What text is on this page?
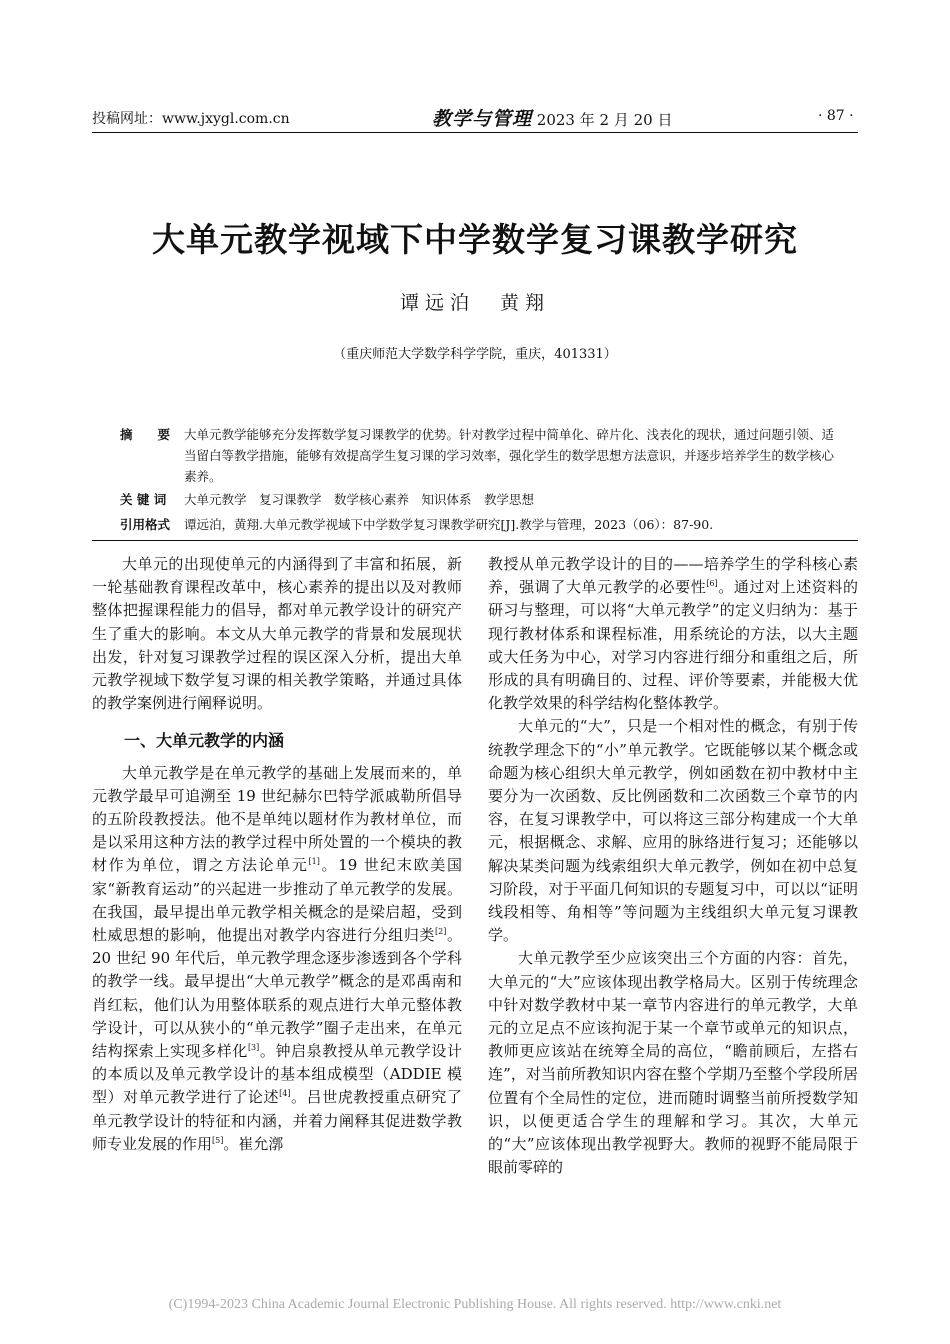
投稿网址：www.jxygl.com.cn	教学与管理 2023 年 2 月 20 日	· 87 ·
大单元教学视域下中学数学复习课教学研究
谭远泊　黄翔
（重庆师范大学数学科学学院，重庆，401331）
摘　　要	大单元教学能够充分发挥数学复习课教学的优势。针对教学过程中简单化、碎片化、浅表化的现状，通过问题引领、适当留白等教学措施，能够有效提高学生复习课的学习效率，强化学生的数学思想方法意识，并逐步培养学生的数学核心素养。
关 键 词	大单元教学　复习课教学　数学核心素养　知识体系　教学思想
引用格式	谭远泊，黄翔.大单元教学视域下中学数学复习课教学研究[J].教学与管理，2023（06）：87-90.

大单元的出现使单元的内涵得到了丰富和拓展，新一轮基础教育课程改革中，核心素养的提出以及对教师整体把握课程能力的倡导，都对单元教学设计的研究产生了重大的影响。本文从大单元教学的背景和发展现状出发，针对复习课教学过程的误区深入分析，提出大单元教学视域下数学复习课的相关教学策略，并通过具体的教学案例进行阐释说明。

一、大单元教学的内涵

大单元教学是在单元教学的基础上发展而来的，单元教学最早可追溯至 19 世纪赫尔巴特学派戚勒所倡导的五阶段教授法。他不是单纯以题材作为教材单位，而是以采用这种方法的教学过程中所处置的一个模块的教材作为单位，谓之方法论单元[1]。19 世纪末欧美国家“新教育运动”的兴起进一步推动了单元教学的发展。在我国，最早提出单元教学相关概念的是梁启超，受到杜威思想的影响，他提出对教学内容进行分组归类[2]。20 世纪 90 年代后，单元教学理念逐步渗透到各个学科的教学一线。最早提出“大单元教学”概念的是邓禹南和肖红耘，他们认为用整体联系的观点进行大单元整体教学设计，可以从狭小的“单元教学”圈子走出来，在单元结构探索上实现多样化[3]。钟启泉教授从单元教学设计的本质以及单元教学设计的基本组成模型（ADDIE 模型）对单元教学进行了论述[4]。吕世虎教授重点研究了单元教学设计的特征和内涵，并着力阐释其促进数学教师专业发展的作用[5]。崔允漷

教授从单元教学设计的目的——培养学生的学科核心素养，强调了大单元教学的必要性[6]。通过对上述资料的研习与整理，可以将“大单元教学”的定义归纳为：基于现行教材体系和课程标准，用系统论的方法，以大主题或大任务为中心，对学习内容进行细分和重组之后，所形成的具有明确目的、过程、评价等要素，并能极大优化教学效果的科学结构化整体教学。

大单元的“大”，只是一个相对性的概念，有别于传统教学理念下的“小”单元教学。它既能够以某个概念或命题为核心组织大单元教学，例如函数在初中教材中主要分为一次函数、反比例函数和二次函数三个章节的内容，在复习课教学中，可以将这三部分构建成一个大单元，根据概念、求解、应用的脉络进行复习；还能够以解决某类问题为线索组织大单元教学，例如在初中总复习阶段，对于平面几何知识的专题复习中，可以以“证明线段相等、角相等”等问题为主线组织大单元复习课教学。

大单元教学至少应该突出三个方面的内容：首先，大单元的“大”应该体现出教学格局大。区别于传统理念中针对数学教材中某一章节内容进行的单元教学，大单元的立足点不应该拘泥于某一个章节或单元的知识点，教师更应该站在统筹全局的高位，“瞻前顾后，左搭右连”，对当前所教知识内容在整个学期乃至整个学段所居位置有个全局性的定位，进而随时调整当前所授数学知识，以便更适合学生的理解和学习。其次，大单元的“大”应该体现出教学视野大。教师的视野不能局限于眼前零碎的

(C)1994-2023 China Academic Journal Electronic Publishing House. All rights reserved. http://www.cnki.net
